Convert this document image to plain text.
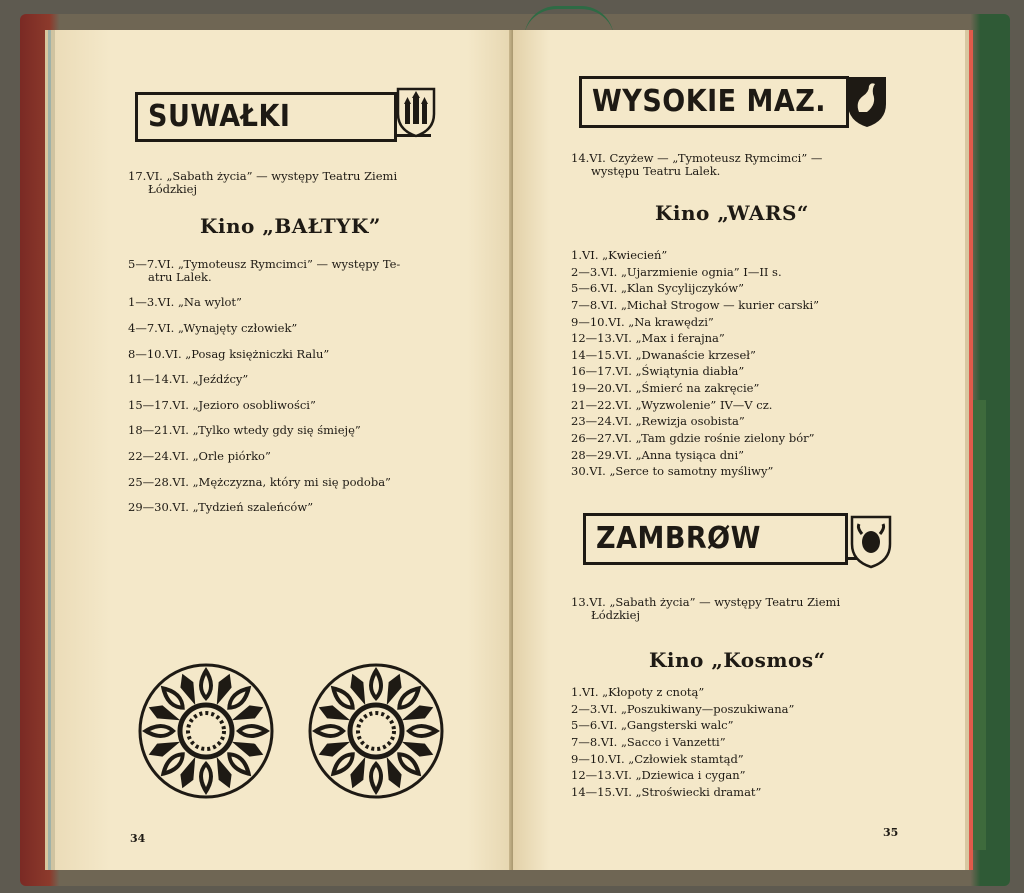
SUWAŁKI
17.VI. „Sabath życia” — występy Teatru Ziemi
Łódzkiej
Kino „BAŁTYK”
5—7.VI. „Tymoteusz Rymcimci” — występy Te-
atru Lalek.
1—3.VI. „Na wylot”
4—7.VI. „Wynajęty człowiek”
8—10.VI. „Posag księżniczki Ralu”
11—14.VI. „Jeźdźcy”
15—17.VI. „Jezioro osobliwości”
18—21.VI. „Tylko wtedy gdy się śmieję”
22—24.VI. „Orle piórko”
25—28.VI. „Mężczyzna, który mi się podoba”
29—30.VI. „Tydzień szaleńców”
34
WYSOKIE MAZ.
14.VI. Czyżew — „Tymoteusz Rymcimci” —
występu Teatru Lalek.
Kino „WARS“
1.VI. „Kwiecień”
2—3.VI. „Ujarzmienie ognia” I—II s.
5—6.VI. „Klan Sycylijczyków”
7—8.VI. „Michał Strogow — kurier carski”
9—10.VI. „Na krawędzi”
12—13.VI. „Max i ferajna”
14—15.VI. „Dwanaście krzeseł”
16—17.VI. „Świątynia diabła”
19—20.VI. „Śmierć na zakręcie”
21—22.VI. „Wyzwolenie” IV—V cz.
23—24.VI. „Rewizja osobista”
26—27.VI. „Tam gdzie rośnie zielony bór”
28—29.VI. „Anna tysiąca dni”
30.VI. „Serce to samotny myśliwy”
ZAMBRØW
13.VI. „Sabath życia” — występy Teatru Ziemi
Łódzkiej
Kino „Kosmos“
1.VI. „Kłopoty z cnotą”
2—3.VI. „Poszukiwany—poszukiwana”
5—6.VI. „Gangsterski walc”
7—8.VI. „Sacco i Vanzetti”
9—10.VI. „Człowiek stamtąd”
12—13.VI. „Dziewica i cygan”
14—15.VI. „Stroświecki dramat”
35
